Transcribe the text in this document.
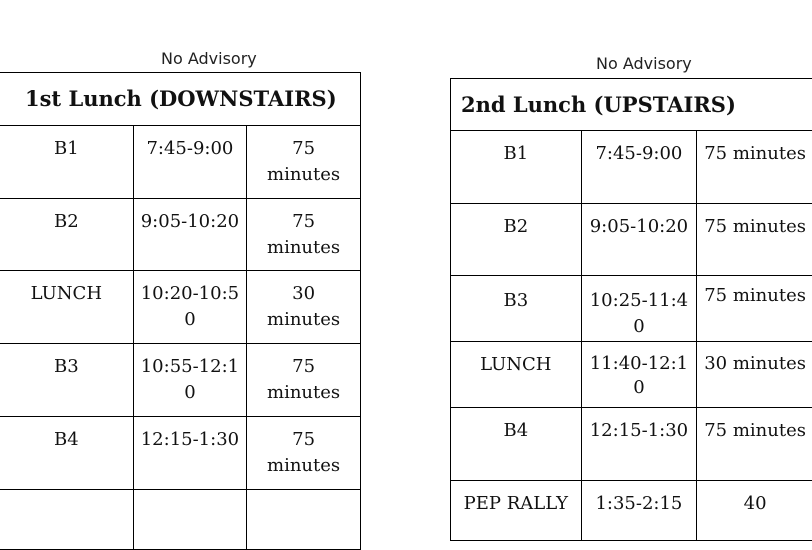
No Advisory
1st Lunch (DOWNSTAIRS)		
B1	7:45-9:00	75 minutes
B2	9:05-10:20	75 minutes
LUNCH	10:20-10:50	30 minutes
B3	10:55-12:10	75 minutes
B4	12:15-1:30	75 minutes

No Advisory
2nd Lunch (UPSTAIRS)		
B1	7:45-9:00	75 minutes
B2	9:05-10:20	75 minutes
B3	10:25-11:40	75 minutes
LUNCH	11:40-12:10	30 minutes
B4	12:15-1:30	75 minutes
PEP RALLY	1:35-2:15	40
